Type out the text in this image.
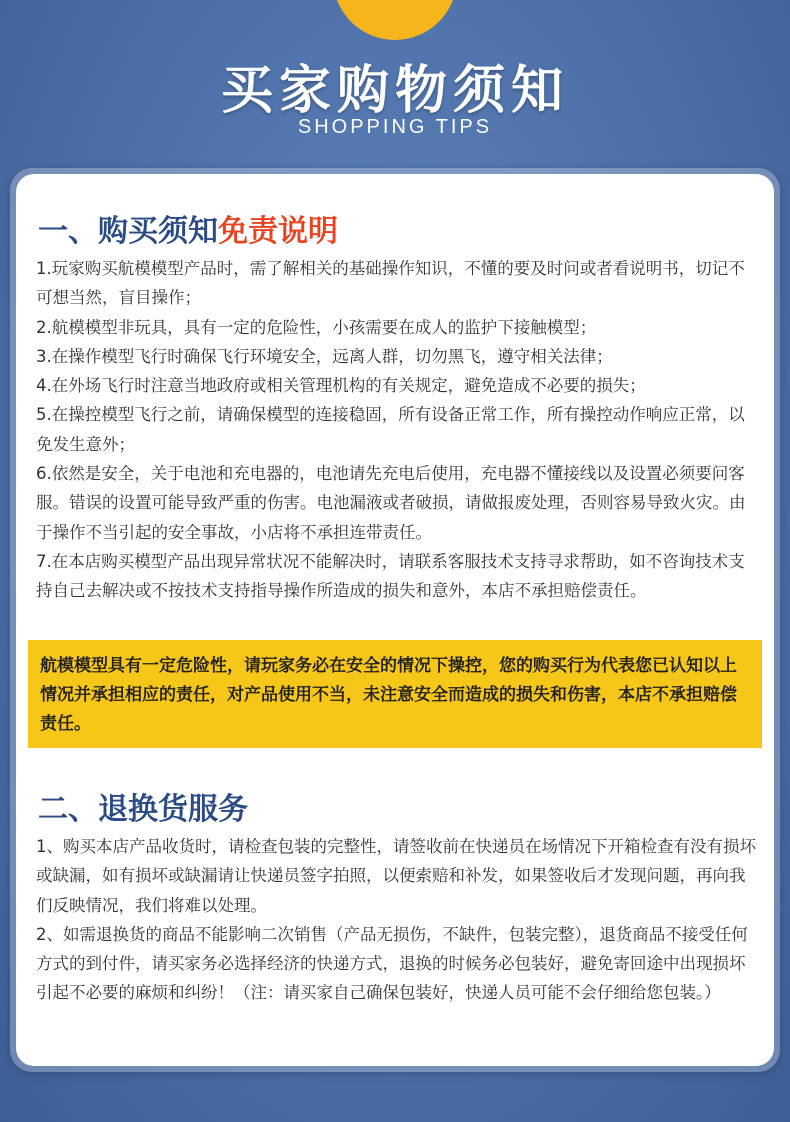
买家购物须知
SHOPPING TIPS
一、购买须知免责说明

1.玩家购买航模模型产品时，需了解相关的基础操作知识，不懂的要及时问或者看说明书，切记不可想当然，盲目操作；

2.航模模型非玩具，具有一定的危险性，小孩需要在成人的监护下接触模型；

3.在操作模型飞行时确保飞行环境安全，远离人群，切勿黑飞，遵守相关法律；

4.在外场飞行时注意当地政府或相关管理机构的有关规定，避免造成不必要的损失；

5.在操控模型飞行之前，请确保模型的连接稳固，所有设备正常工作，所有操控动作响应正常，以免发生意外；

6.依然是安全，关于电池和充电器的，电池请先充电后使用，充电器不懂接线以及设置必须要问客服。错误的设置可能导致严重的伤害。电池漏液或者破损，请做报废处理，否则容易导致火灾。由于操作不当引起的安全事故，小店将不承担连带责任。

7.在本店购买模型产品出现异常状况不能解决时，请联系客服技术支持寻求帮助，如不咨询技术支持自己去解决或不按技术支持指导操作所造成的损失和意外，本店不承担赔偿责任。

航模模型具有一定危险性，请玩家务必在安全的情况下操控，您的购买行为代表您已认知以上情况并承担相应的责任，对产品使用不当，未注意安全而造成的损失和伤害，本店不承担赔偿责任。
二、退换货服务

1、购买本店产品收货时，请检查包装的完整性，请签收前在快递员在场情况下开箱检查有没有损坏或缺漏，如有损坏或缺漏请让快递员签字拍照，以便索赔和补发，如果签收后才发现问题，再向我们反映情况，我们将难以处理。

2、如需退换货的商品不能影响二次销售（产品无损伤，不缺件，包装完整），退货商品不接受任何方式的到付件，请买家务必选择经济的快递方式，退换的时候务必包装好，避免寄回途中出现损坏引起不必要的麻烦和纠纷！（注：请买家自己确保包装好，快递人员可能不会仔细给您包装。）
